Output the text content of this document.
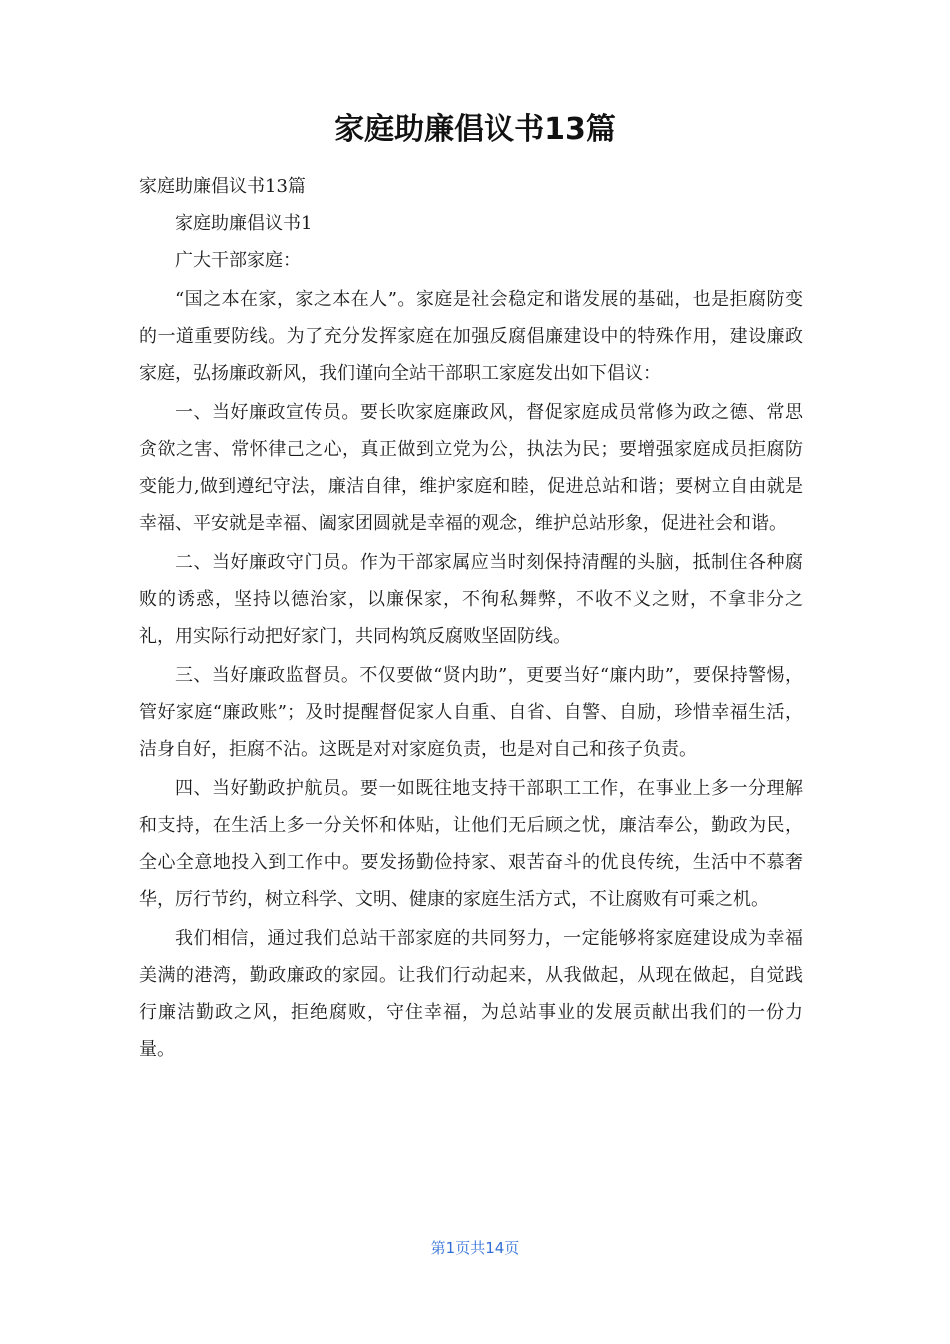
家庭助廉倡议书13篇
家庭助廉倡议书13篇
家庭助廉倡议书1
广大干部家庭：

“国之本在家，家之本在人”。家庭是社会稳定和谐发展的基础，也是拒腐防变的一道重要防线。为了充分发挥家庭在加强反腐倡廉建设中的特殊作用，建设廉政家庭，弘扬廉政新风，我们谨向全站干部职工家庭发出如下倡议：

一、当好廉政宣传员。要长吹家庭廉政风，督促家庭成员常修为政之德、常思贪欲之害、常怀律己之心，真正做到立党为公，执法为民；要增强家庭成员拒腐防变能力,做到遵纪守法，廉洁自律，维护家庭和睦，促进总站和谐；要树立自由就是幸福、平安就是幸福、阖家团圆就是幸福的观念，维护总站形象，促进社会和谐。

二、当好廉政守门员。作为干部家属应当时刻保持清醒的头脑，抵制住各种腐败的诱惑，坚持以德治家，以廉保家，不徇私舞弊，不收不义之财，不拿非分之礼，用实际行动把好家门，共同构筑反腐败坚固防线。

三、当好廉政监督员。不仅要做“贤内助”，更要当好“廉内助”，要保持警惕，管好家庭“廉政账”；及时提醒督促家人自重、自省、自警、自励，珍惜幸福生活，洁身自好，拒腐不沾。这既是对对家庭负责，也是对自己和孩子负责。

四、当好勤政护航员。要一如既往地支持干部职工工作，在事业上多一分理解和支持，在生活上多一分关怀和体贴，让他们无后顾之忧，廉洁奉公，勤政为民，全心全意地投入到工作中。要发扬勤俭持家、艰苦奋斗的优良传统，生活中不慕奢华，厉行节约，树立科学、文明、健康的家庭生活方式，不让腐败有可乘之机。

我们相信，通过我们总站干部家庭的共同努力，一定能够将家庭建设成为幸福美满的港湾，勤政廉政的家园。让我们行动起来，从我做起，从现在做起，自觉践行廉洁勤政之风，拒绝腐败，守住幸福，为总站事业的发展贡献出我们的一份力量。

第1页共14页
